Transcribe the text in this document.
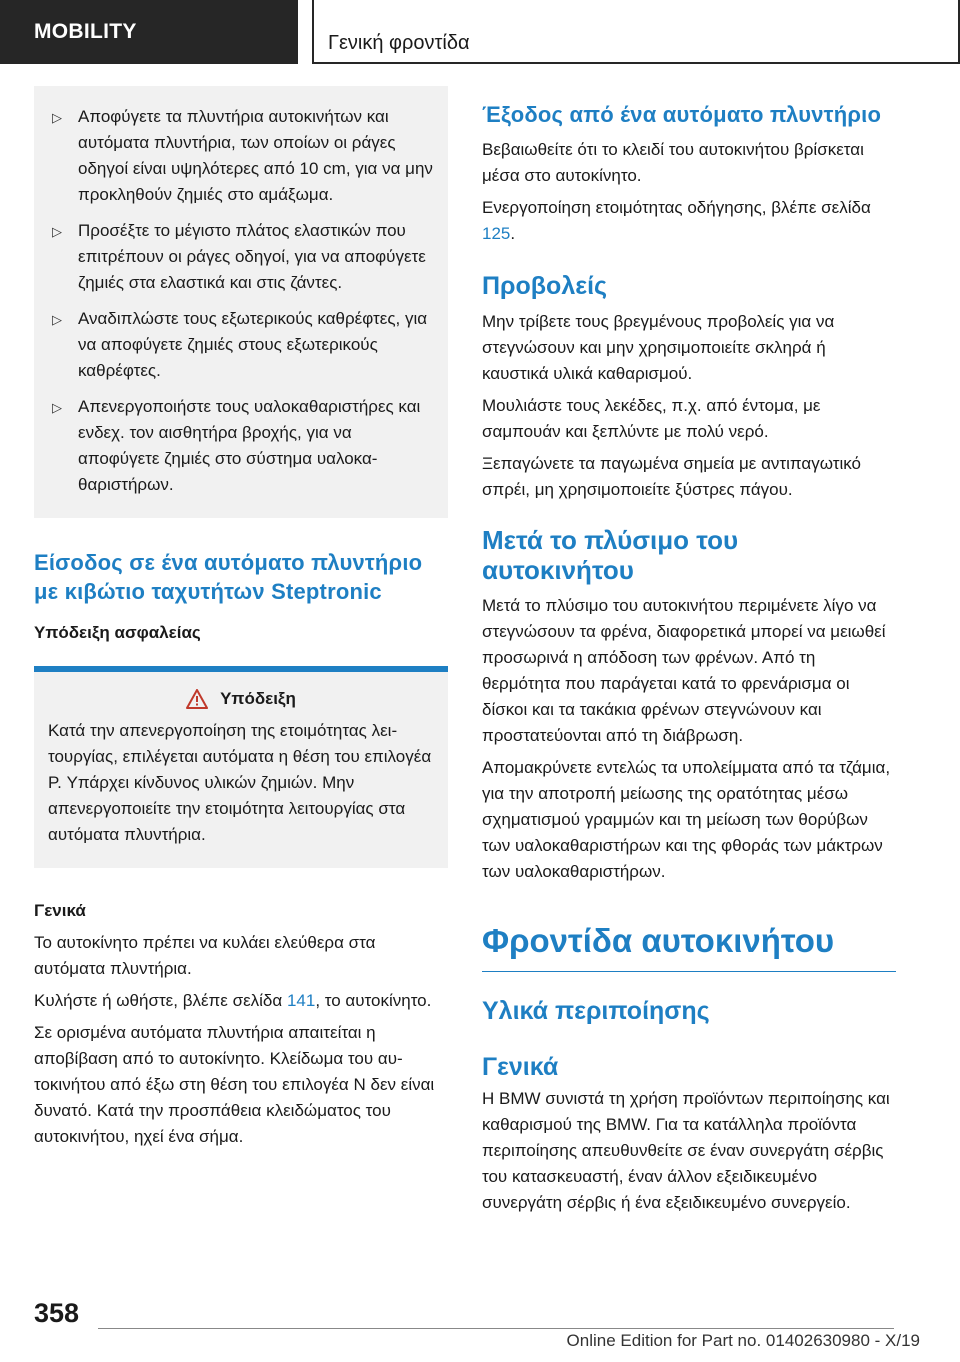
MOBILITY	Γενική φροντίδα
▷ Αποφύγετε τα πλυντήρια αυτοκινήτων και αυτόματα πλυντήρια, των οποίων οι ράγες οδηγοί είναι υψηλότερες από 10 cm, για να μην προκληθούν ζημιές στο αμάξωμα.
▷ Προσέξτε το μέγιστο πλάτος ελαστικών που επιτρέπουν οι ράγες οδηγοί, για να αποφύγετε ζημιές στα ελαστικά και στις ζάντες.
▷ Αναδιπλώστε τους εξωτερικούς καθρέφτες, για να αποφύγετε ζημιές στους εξωτερικούς καθρέφτες.
▷ Απενεργοποιήστε τους υαλοκαθαριστήρες και ενδεχ. τον αισθητήρα βροχής, για να αποφύγετε ζημιές στο σύστημα υαλοκαθαριστήρων.
Είσοδος σε ένα αυτόματο πλυντήριο με κιβώτιο ταχυτήτων Steptronic

Υπόδειξη ασφαλείας

Υπόδειξη
Κατά την απενεργοποίηση της ετοιμότητας λειτουργίας, επιλέγεται αυτόματα η θέση του επιλογέα P. Υπάρχει κίνδυνος υλικών ζημιών. Μην απενεργοποιείτε την ετοιμότητα λειτουργίας στα αυτόματα πλυντήρια.

Γενικά

Το αυτοκίνητο πρέπει να κυλάει ελεύθερα στα αυτόματα πλυντήρια.

Κυλήστε ή ωθήστε, βλέπε σελίδα 141, το αυτοκίνητο.

Σε ορισμένα αυτόματα πλυντήρια απαιτείται η αποβίβαση από το αυτοκίνητο. Κλείδωμα του αυτοκινήτου από έξω στη θέση του επιλογέα N δεν είναι δυνατό. Κατά την προσπάθεια κλειδώματος του αυτοκινήτου, ηχεί ένα σήμα.

Έξοδος από ένα αυτόματο πλυντήριο

Βεβαιωθείτε ότι το κλειδί του αυτοκινήτου βρίσκεται μέσα στο αυτοκίνητο.

Ενεργοποίηση ετοιμότητας οδήγησης, βλέπε σελίδα 125.

Προβολείς

Μην τρίβετε τους βρεγμένους προβολείς για να στεγνώσουν και μην χρησιμοποιείτε σκληρά ή καυστικά υλικά καθαρισμού.

Μουλιάστε τους λεκέδες, π.χ. από έντομα, με σαμπουάν και ξεπλύντε με πολύ νερό.

Ξεπαγώνετε τα παγωμένα σημεία με αντιπαγωτικό σπρέι, μη χρησιμοποιείτε ξύστρες πάγου.

Μετά το πλύσιμο του αυτοκινήτου

Μετά το πλύσιμο του αυτοκινήτου περιμένετε λίγο να στεγνώσουν τα φρένα, διαφορετικά μπορεί να μειωθεί προσωρινά η απόδοση των φρένων. Από τη θερμότητα που παράγεται κατά το φρενάρισμα οι δίσκοι και τα τακάκια φρένων στεγνώνουν και προστατεύονται από τη διάβρωση.

Απομακρύνετε εντελώς τα υπολείμματα από τα τζάμια, για την αποτροπή μείωσης της ορατότητας μέσω σχηματισμού γραμμών και τη μείωση των θορύβων των υαλοκαθαριστήρων και της φθοράς των μάκτρων των υαλοκαθαριστήρων.

Φροντίδα αυτοκινήτου
Υλικά περιποίησης
Γενικά

Η BMW συνιστά τη χρήση προϊόντων περιποίησης και καθαρισμού της BMW. Για τα κατάλληλα προϊόντα περιποίησης απευθυνθείτε σε έναν συνεργάτη σέρβις του κατασκευαστή, έναν άλλον εξειδικευμένο συνεργάτη σέρβις ή ένα εξειδικευμένο συνεργείο.

358
Online Edition for Part no. 01402630980 - X/19
